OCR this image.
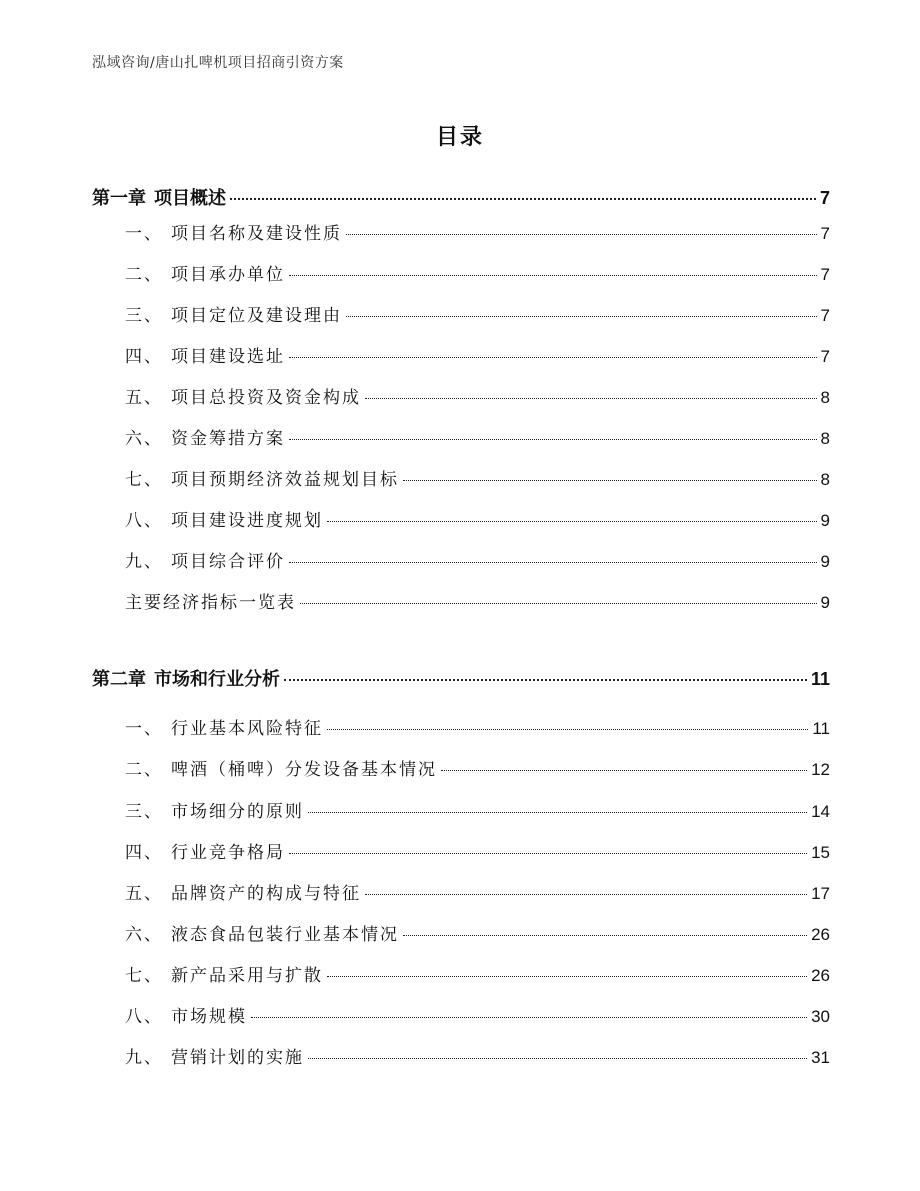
泓域咨询/唐山扎啤机项目招商引资方案
目录
第一章 项目概述	7
一、 项目名称及建设性质	7
二、 项目承办单位	7
三、 项目定位及建设理由	7
四、 项目建设选址	7
五、 项目总投资及资金构成	8
六、 资金筹措方案	8
七、 项目预期经济效益规划目标	8
八、 项目建设进度规划	9
九、 项目综合评价	9
主要经济指标一览表	9
第二章 市场和行业分析	11
一、 行业基本风险特征	11
二、 啤酒（桶啤）分发设备基本情况	12
三、 市场细分的原则	14
四、 行业竞争格局	15
五、 品牌资产的构成与特征	17
六、 液态食品包装行业基本情况	26
七、 新产品采用与扩散	26
八、 市场规模	30
九、 营销计划的实施	31
